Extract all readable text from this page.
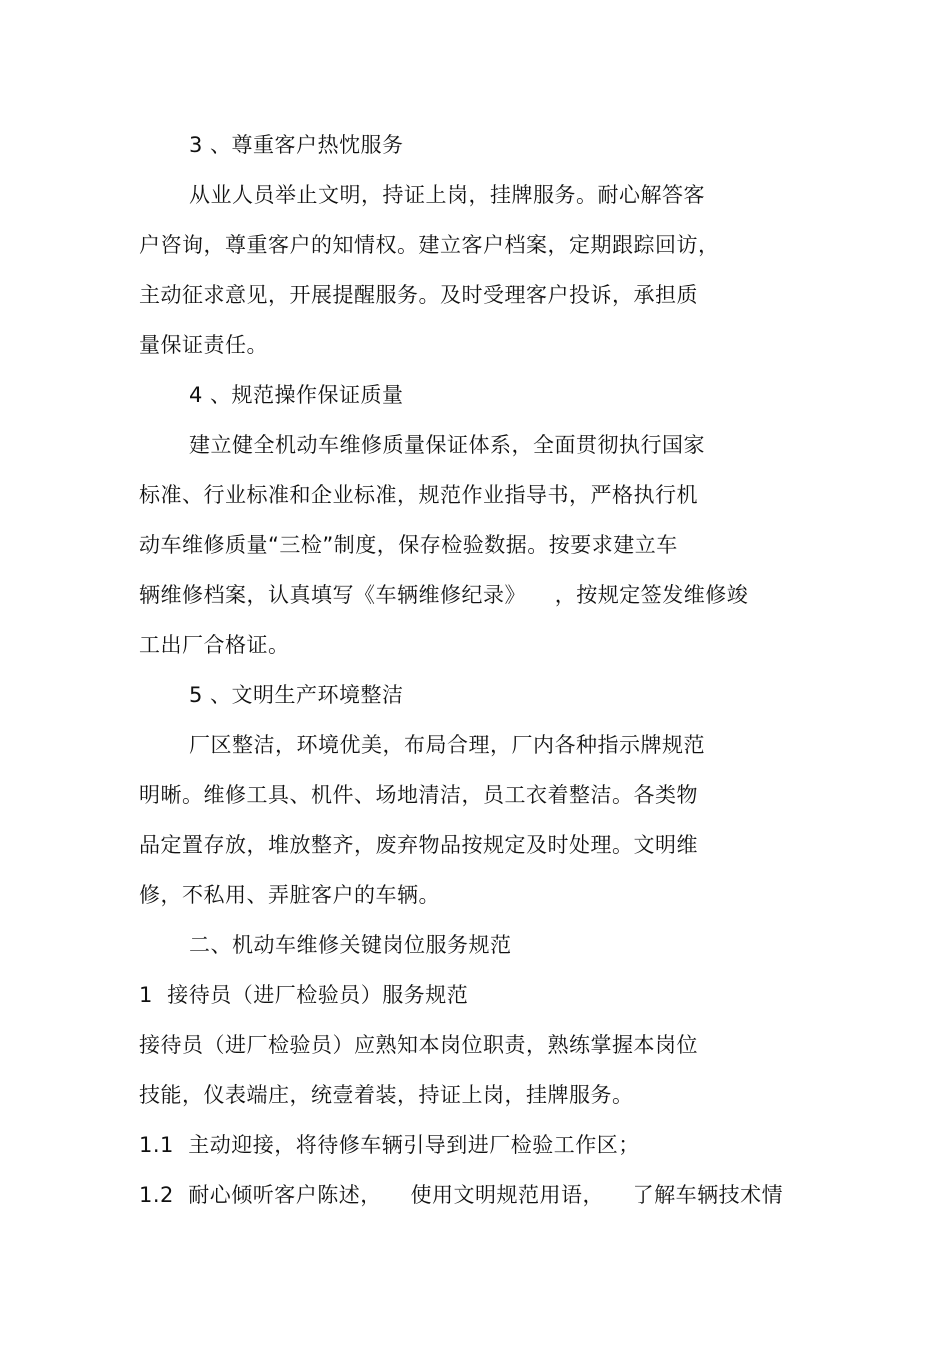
3 、尊重客户热忱服务
从业人员举止文明，持证上岗，挂牌服务。耐心解答客
户咨询，尊重客户的知情权。建立客户档案，定期跟踪回访，
主动征求意见，开展提醒服务。及时受理客户投诉，承担质
量保证责任。
4 、规范操作保证质量
建立健全机动车维修质量保证体系，全面贯彻执行国家
标准、行业标准和企业标准，规范作业指导书，严格执行机
动车维修质量“三检”制度，保存检验数据。按要求建立车
辆维修档案，认真填写《车辆维修纪录》    ，按规定签发维修竣
工出厂合格证。
5 、文明生产环境整洁
厂区整洁，环境优美，布局合理，厂内各种指示牌规范
明晰。维修工具、机件、场地清洁，员工衣着整洁。各类物
品定置存放，堆放整齐，废弃物品按规定及时处理。文明维
修，不私用、弄脏客户的车辆。
二、机动车维修关键岗位服务规范
1  接待员（进厂检验员）服务规范
接待员（进厂检验员）应熟知本岗位职责，熟练掌握本岗位
技能，仪表端庄，统壹着装，持证上岗，挂牌服务。
1.1  主动迎接，将待修车辆引导到进厂检验工作区；
1.2  耐心倾听客户陈述，    使用文明规范用语，    了解车辆技术情
